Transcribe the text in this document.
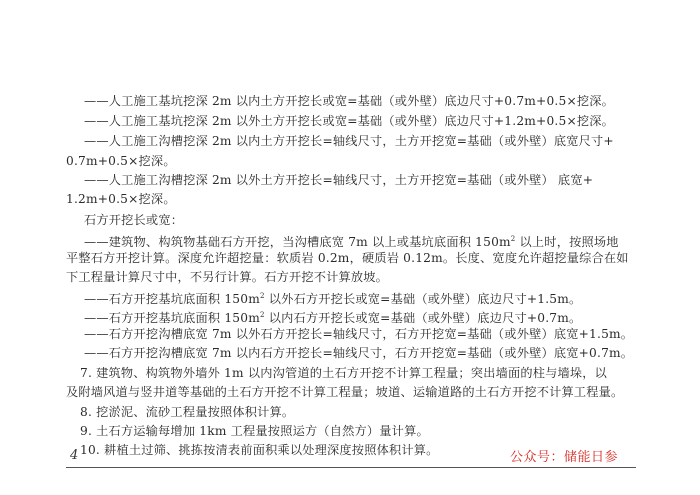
——人工施工基坑挖深 2m 以内土方开挖长或宽=基础（或外壁）底边尺寸+0.7m+0.5×挖深。
——人工施工基坑挖深 2m 以外土方开挖长或宽=基础（或外壁）底边尺寸+1.2m+0.5×挖深。
——人工施工沟槽挖深 2m 以内土方开挖长=轴线尺寸，土方开挖宽=基础（或外壁）底宽尺寸+
0.7m+0.5×挖深。
——人工施工沟槽挖深 2m 以外土方开挖长=轴线尺寸，土方开挖宽=基础（或外壁） 底宽+
1.2m+0.5×挖深。
石方开挖长或宽：
——建筑物、构筑物基础石方开挖，当沟槽底宽 7m 以上或基坑底面积 $150m^2$ 以上时，按照场地
平整石方开挖计算。深度允许超挖量：软质岩 0.2m，硬质岩 0.12m。长度、宽度允许超挖量综合在如
下工程量计算尺寸中，不另行计算。石方开挖不计算放坡。
——石方开挖基坑底面积 $150m^2$ 以外石方开挖长或宽=基础（或外壁）底边尺寸+1.5m。
——石方开挖基坑底面积 $150m^2$ 以内石方开挖长或宽=基础（或外壁）底边尺寸+0.7m。
——石方开挖沟槽底宽 7m 以外石方开挖长=轴线尺寸，石方开挖宽=基础（或外壁）底宽+1.5m。
——石方开挖沟槽底宽 7m 以内石方开挖长=轴线尺寸，石方开挖宽=基础（或外壁）底宽+0.7m。
7. 建筑物、构筑物外墙外 1m 以内沟管道的土石方开挖不计算工程量；突出墙面的柱与墙垛，以
及附墙风道与竖井道等基础的土石方开挖不计算工程量；坡道、运输道路的土石方开挖不计算工程量。
8. 挖淤泥、流砂工程量按照体积计算。
9. 土石方运输每增加 1km 工程量按照运方（自然方）量计算。
10. 耕植土过筛、挑拣按清表前面积乘以处理深度按照体积计算。
4	公众号：储能日参
